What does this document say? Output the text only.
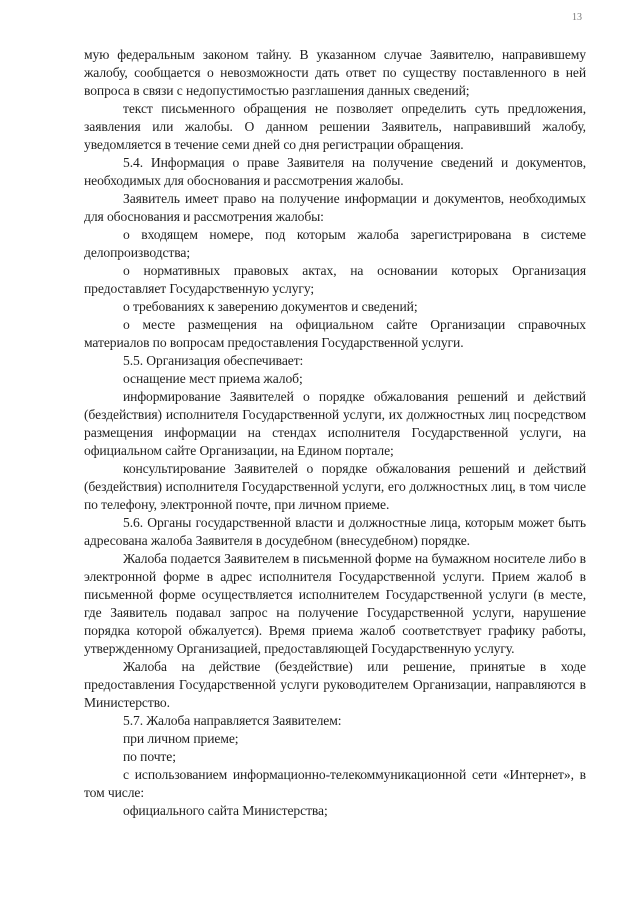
13

мую федеральным законом тайну. В указанном случае Заявителю, направившему жалобу, сообщается о невозможности дать ответ по существу поставленного в ней вопроса в связи с недопустимостью разглашения данных сведений;

текст письменного обращения не позволяет определить суть предложения, заявления или жалобы. О данном решении Заявитель, направивший жалобу, уведомляется в течение семи дней со дня регистрации обращения.

5.4. Информация о праве Заявителя на получение сведений и документов, необходимых для обоснования и рассмотрения жалобы.

Заявитель имеет право на получение информации и документов, необходимых для обоснования и рассмотрения жалобы:

о входящем номере, под которым жалоба зарегистрирована в системе делопроизводства;

о нормативных правовых актах, на основании которых Организация предоставляет Государственную услугу;

о требованиях к заверению документов и сведений;

о месте размещения на официальном сайте Организации справочных материалов по вопросам предоставления Государственной услуги.

5.5. Организация обеспечивает:

оснащение мест приема жалоб;

информирование Заявителей о порядке обжалования решений и действий (бездействия) исполнителя Государственной услуги, их должностных лиц посредством размещения информации на стендах исполнителя Государственной услуги, на официальном сайте Организации, на Едином портале;

консультирование Заявителей о порядке обжалования решений и действий (бездействия) исполнителя Государственной услуги, его должностных лиц, в том числе по телефону, электронной почте, при личном приеме.

5.6. Органы государственной власти и должностные лица, которым может быть адресована жалоба Заявителя в досудебном (внесудебном) порядке.

Жалоба подается Заявителем в письменной форме на бумажном носителе либо в электронной форме в адрес исполнителя Государственной услуги. Прием жалоб в письменной форме осуществляется исполнителем Государственной услуги (в месте, где Заявитель подавал запрос на получение Государственной услуги, нарушение порядка которой обжалуется). Время приема жалоб соответствует графику работы, утвержденному Организацией, предоставляющей Государственную услугу.

Жалоба на действие (бездействие) или решение, принятые в ходе предоставления Государственной услуги руководителем Организации, направляются в Министерство.

5.7. Жалоба направляется Заявителем:

при личном приеме;

по почте;

с использованием информационно-телекоммуникационной сети «Интернет», в том числе:

официального сайта Министерства;
